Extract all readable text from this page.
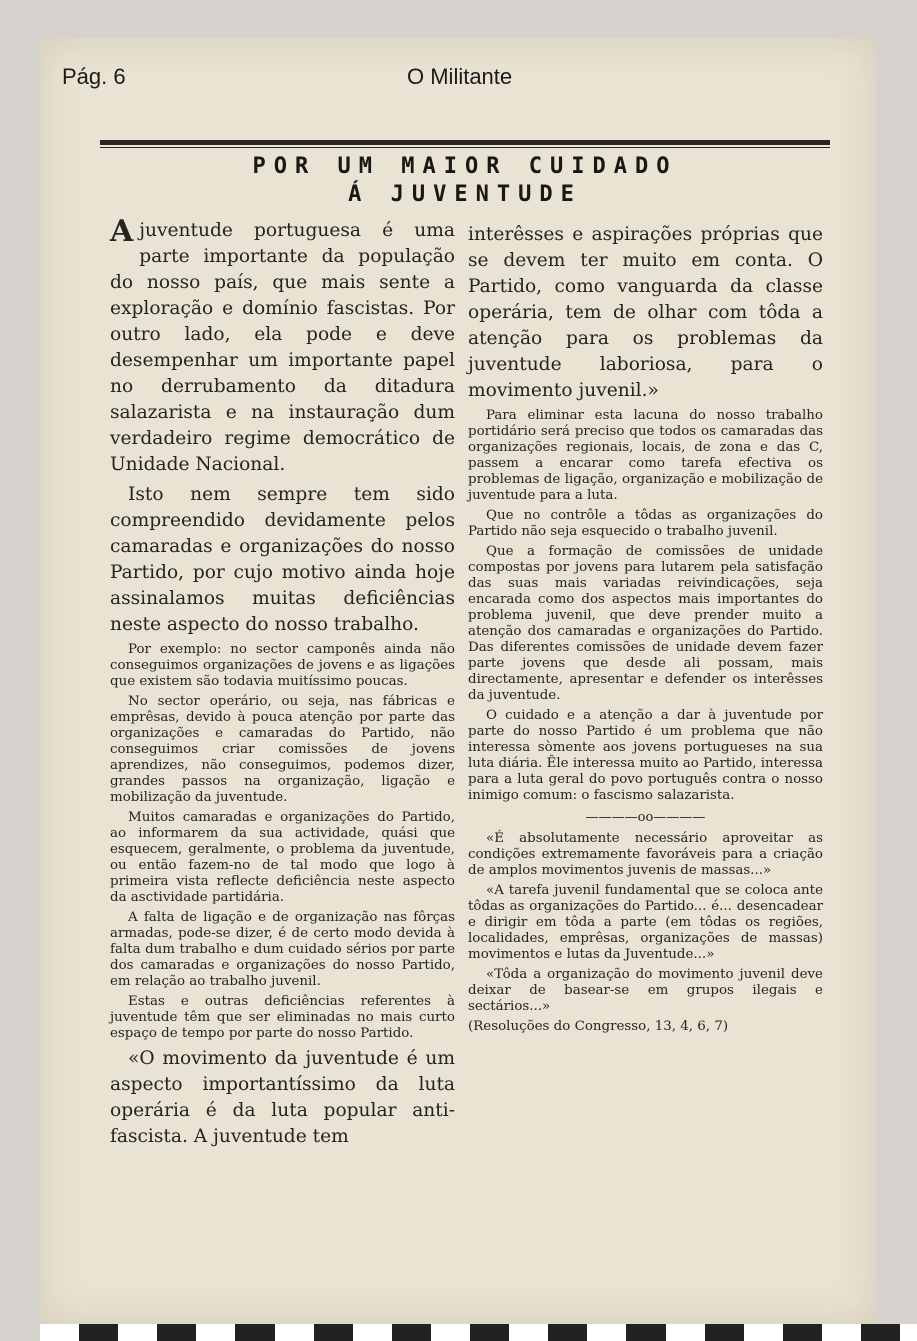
Pág. 6	O Militante
POR UM MAIOR CUIDADO
Á JUVENTUDE

Ajuventude portuguesa é uma parte importante da população do nosso país, que mais sente a exploração e domínio fascistas. Por outro lado, ela pode e deve desempenhar um importante papel no derrubamento da ditadura salazarista e na instauração dum verdadeiro regime democrático de Unidade Nacional.

Isto nem sempre tem sido compreendido devidamente pelos camaradas e organizações do nosso Partido, por cujo motivo ainda hoje assinalamos muitas deficiências neste aspecto do nosso trabalho.

Por exemplo: no sector camponês ainda não conseguimos organizações de jovens e as ligações que existem são todavia muitíssimo poucas.

No sector operário, ou seja, nas fábricas e emprêsas, devido à pouca atenção por parte das organizações e camaradas do Partido, não conseguimos criar comissões de jovens aprendizes, não conseguimos, podemos dizer, grandes passos na organização, ligação e mobilização da juventude.

Muitos camaradas e organizações do Partido, ao informarem da sua actividade, quási que esquecem, geralmente, o problema da juventude, ou então fazem-no de tal modo que logo à primeira vista reflecte deficiência neste aspecto da asctividade partidária.

A falta de ligação e de organização nas fôrças armadas, pode-se dizer, é de certo modo devida à falta dum trabalho e dum cuidado sérios por parte dos camaradas e organizações do nosso Partido, em relação ao trabalho juvenil.

Estas e outras deficiências referentes à juventude têm que ser eliminadas no mais curto espaço de tempo por parte do nosso Partido.

«O movimento da juventude é um aspecto importantíssimo da luta operária é da luta popular anti-fascista. A juventude tem

interêsses e aspirações próprias que se devem ter muito em conta. O Partido, como vanguarda da classe operária, tem de olhar com tôda a atenção para os problemas da juventude laboriosa, para o movimento juvenil.»

Para eliminar esta lacuna do nosso trabalho portidário será preciso que todos os camaradas das organizações regionais, locais, de zona e das C, passem a encarar como tarefa efectiva os problemas de ligação, organização e mobilização de juventude para a luta.

Que no contrôle a tôdas as organizações do Partido não seja esquecido o trabalho juvenil.

Que a formação de comissões de unidade compostas por jovens para lutarem pela satisfação das suas mais variadas reivindicações, seja encarada como dos aspectos mais importantes do problema juvenil, que deve prender muito a atenção dos camaradas e organizações do Partido. Das diferentes comissões de unidade devem fazer parte jovens que desde ali possam, mais directamente, apresentar e defender os interêsses da juventude.

O cuidado e a atenção a dar à juventude por parte do nosso Partido é um problema que não interessa sòmente aos jovens portugueses na sua luta diária. Êle interessa muito ao Partido, interessa para a luta geral do povo português contra o nosso inimigo comum: o fascismo salazarista.

————oo————

«É absolutamente necessário aproveitar as condições extremamente favoráveis para a criação de amplos movimentos juvenis de massas...»

«A tarefa juvenil fundamental que se coloca ante tôdas as organizações do Partido... é... desencadear e dirigir em tôda a parte (em tôdas os regiões, localidades, emprêsas, organizações de massas) movimentos e lutas da Juventude...»

«Tôda a organização do movimento juvenil deve deixar de basear-se em grupos ilegais e sectários...»

(Resoluções do Congresso, 13, 4, 6, 7)
